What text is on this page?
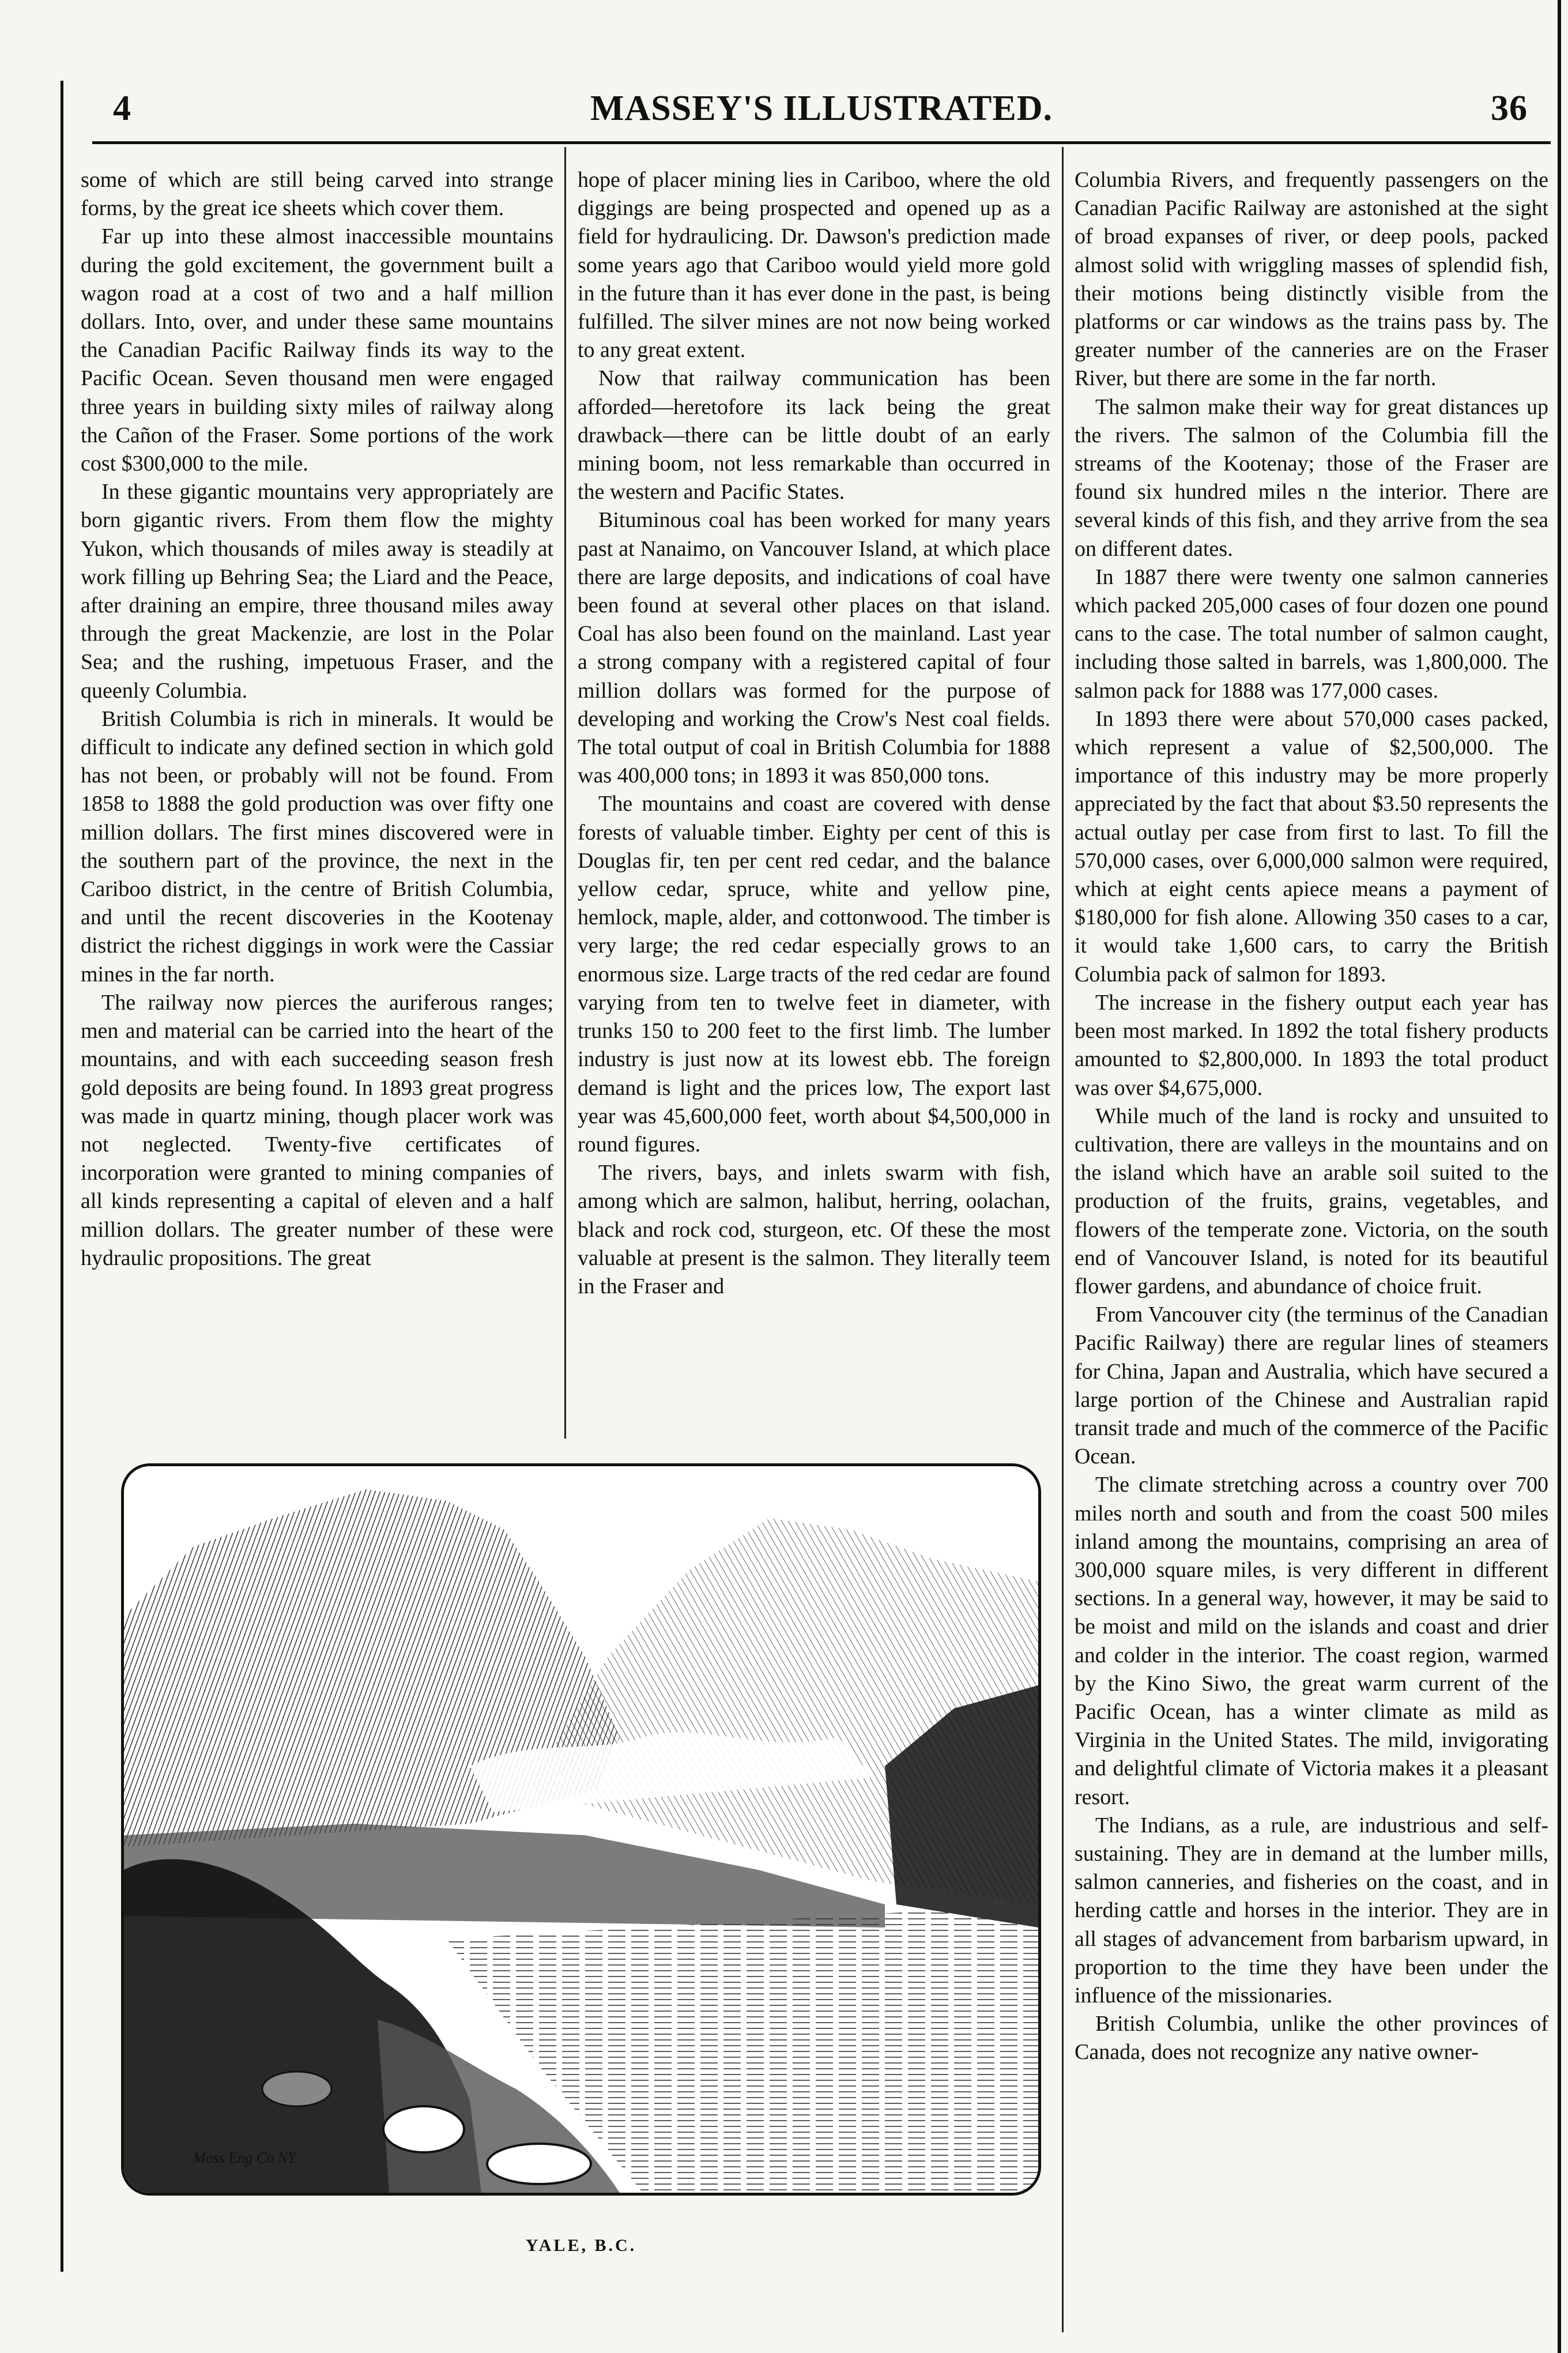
4	MASSEY'S ILLUSTRATED.	36

some of which are still being carved into strange forms, by the great ice sheets which cover them.

Far up into these almost inaccessible mountains during the gold excitement, the government built a wagon road at a cost of two and a half million dollars. Into, over, and under these same mountains the Canadian Pacific Railway finds its way to the Pacific Ocean. Seven thousand men were engaged three years in building sixty miles of railway along the Cañon of the Fraser. Some portions of the work cost $300,000 to the mile.

In these gigantic mountains very appropriately are born gigantic rivers. From them flow the mighty Yukon, which thousands of miles away is steadily at work filling up Behring Sea; the Liard and the Peace, after draining an empire, three thousand miles away through the great Mackenzie, are lost in the Polar Sea; and the rushing, impetuous Fraser, and the queenly Columbia.

British Columbia is rich in minerals. It would be difficult to indicate any defined section in which gold has not been, or probably will not be found. From 1858 to 1888 the gold production was over fifty one million dollars. The first mines discovered were in the southern part of the province, the next in the Cariboo district, in the centre of British Columbia, and until the recent discoveries in the Kootenay district the richest diggings in work were the Cassiar mines in the far north.

The railway now pierces the auriferous ranges; men and material can be carried into the heart of the mountains, and with each succeeding season fresh gold deposits are being found. In 1893 great progress was made in quartz mining, though placer work was not neglected. Twenty-five certificates of incorporation were granted to mining companies of all kinds representing a capital of eleven and a half million dollars. The greater number of these were hydraulic propositions. The great

hope of placer mining lies in Cariboo, where the old diggings are being prospected and opened up as a field for hydraulicing. Dr. Dawson's prediction made some years ago that Cariboo would yield more gold in the future than it has ever done in the past, is being fulfilled. The silver mines are not now being worked to any great extent.

Now that railway communication has been afforded—heretofore its lack being the great drawback—there can be little doubt of an early mining boom, not less remarkable than occurred in the western and Pacific States.

Bituminous coal has been worked for many years past at Nanaimo, on Vancouver Island, at which place there are large deposits, and indications of coal have been found at several other places on that island. Coal has also been found on the mainland. Last year a strong company with a registered capital of four million dollars was formed for the purpose of developing and working the Crow's Nest coal fields. The total output of coal in British Columbia for 1888 was 400,000 tons; in 1893 it was 850,000 tons.

The mountains and coast are covered with dense forests of valuable timber. Eighty per cent of this is Douglas fir, ten per cent red cedar, and the balance yellow cedar, spruce, white and yellow pine, hemlock, maple, alder, and cottonwood. The timber is very large; the red cedar especially grows to an enormous size. Large tracts of the red cedar are found varying from ten to twelve feet in diameter, with trunks 150 to 200 feet to the first limb. The lumber industry is just now at its lowest ebb. The foreign demand is light and the prices low, The export last year was 45,600,000 feet, worth about $4,500,000 in round figures.

The rivers, bays, and inlets swarm with fish, among which are salmon, halibut, herring, oolachan, black and rock cod, sturgeon, etc. Of these the most valuable at present is the salmon. They literally teem in the Fraser and

Columbia Rivers, and frequently passengers on the Canadian Pacific Railway are astonished at the sight of broad expanses of river, or deep pools, packed almost solid with wriggling masses of splendid fish, their motions being distinctly visible from the platforms or car windows as the trains pass by. The greater number of the canneries are on the Fraser River, but there are some in the far north.

The salmon make their way for great distances up the rivers. The salmon of the Columbia fill the streams of the Kootenay; those of the Fraser are found six hundred miles n the interior. There are several kinds of this fish, and they arrive from the sea on different dates.

In 1887 there were twenty one salmon canneries which packed 205,000 cases of four dozen one pound cans to the case. The total number of salmon caught, including those salted in barrels, was 1,800,000. The salmon pack for 1888 was 177,000 cases.

In 1893 there were about 570,000 cases packed, which represent a value of $2,500,000. The importance of this industry may be more properly appreciated by the fact that about $3.50 represents the actual outlay per case from first to last. To fill the 570,000 cases, over 6,000,000 salmon were required, which at eight cents apiece means a payment of $180,000 for fish alone. Allowing 350 cases to a car, it would take 1,600 cars, to carry the British Columbia pack of salmon for 1893.

The increase in the fishery output each year has been most marked. In 1892 the total fishery products amounted to $2,800,000. In 1893 the total product was over $4,675,000.

While much of the land is rocky and unsuited to cultivation, there are valleys in the mountains and on the island which have an arable soil suited to the production of the fruits, grains, vegetables, and flowers of the temperate zone. Victoria, on the south end of Vancouver Island, is noted for its beautiful flower gardens, and abundance of choice fruit.

From Vancouver city (the terminus of the Canadian Pacific Railway) there are regular lines of steamers for China, Japan and Australia, which have secured a large portion of the Chinese and Australian rapid transit trade and much of the commerce of the Pacific Ocean.

The climate stretching across a country over 700 miles north and south and from the coast 500 miles inland among the mountains, comprising an area of 300,000 square miles, is very different in different sections. In a general way, however, it may be said to be moist and mild on the islands and coast and drier and colder in the interior. The coast region, warmed by the Kino Siwo, the great warm current of the Pacific Ocean, has a winter climate as mild as Virginia in the United States. The mild, invigorating and delightful climate of Victoria makes it a pleasant resort.

The Indians, as a rule, are industrious and self-sustaining. They are in demand at the lumber mills, salmon canneries, and fisheries on the coast, and in herding cattle and horses in the interior. They are in all stages of advancement from barbarism upward, in proportion to the time they have been under the influence of the missionaries.

British Columbia, unlike the other provinces of Canada, does not recognize any native owner-

Moss Eng Co NY.
YALE, B.C.
